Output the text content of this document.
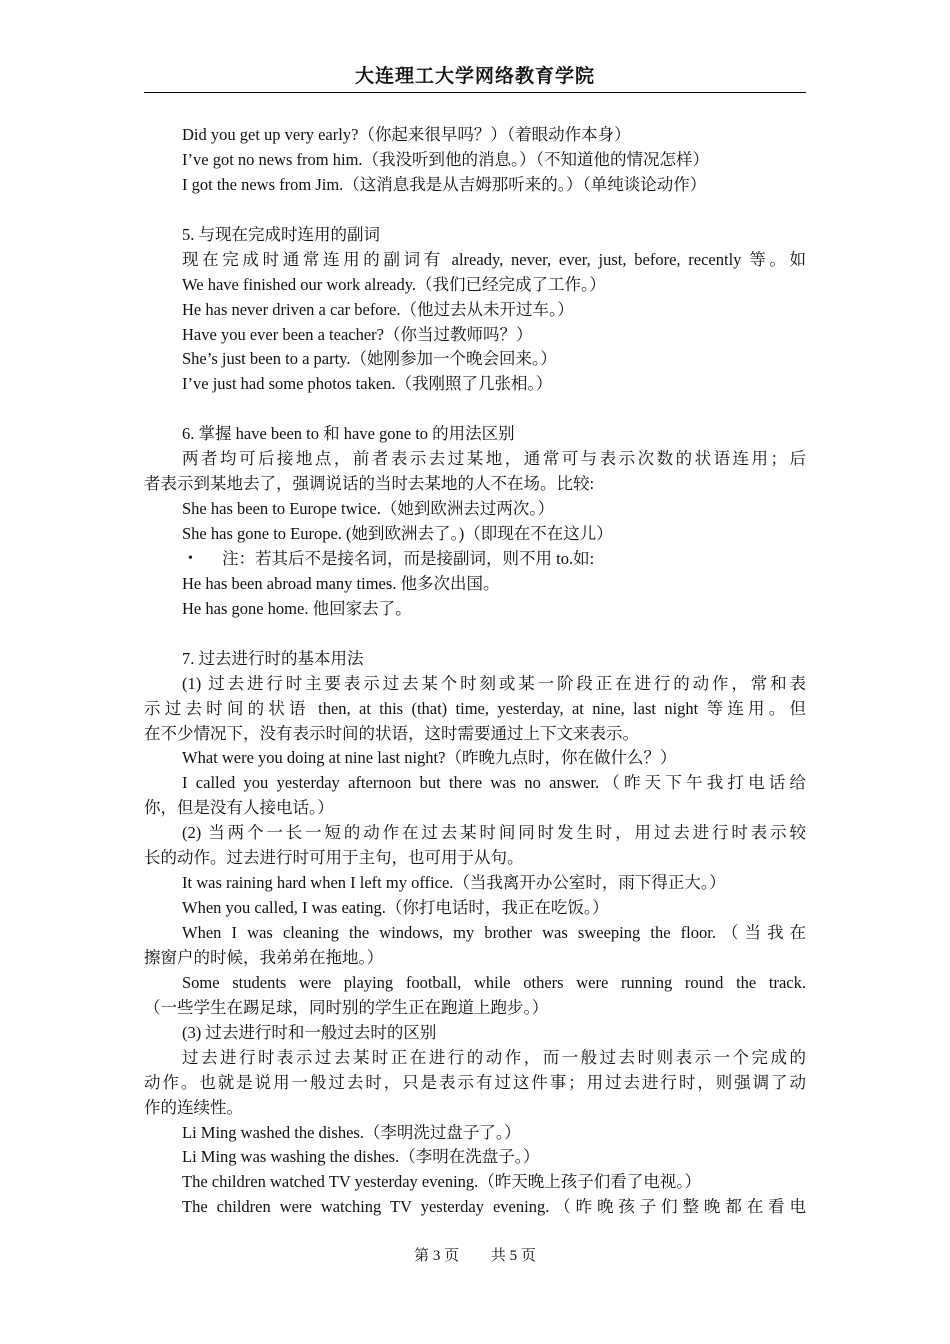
大连理工大学网络教育学院
Did you get up very early?（你起来很早吗？）（着眼动作本身）
I’ve got no news from him.（我没听到他的消息。）（不知道他的情况怎样）
I got the news from Jim.（这消息我是从吉姆那听来的。）（单纯谈论动作）
5. 与现在完成时连用的副词
现在完成时通常连用的副词有 already, never, ever, just, before, recently 等。如
We have finished our work already.（我们已经完成了工作。）
He has never driven a car before.（他过去从未开过车。）
Have you ever been a teacher?（你当过教师吗？）
She’s just been to a party.（她刚参加一个晚会回来。）
I’ve just had some photos taken.（我刚照了几张相。）
6. 掌握 have been to 和 have gone to 的用法区别
两者均可后接地点，前者表示去过某地，通常可与表示次数的状语连用；后
者表示到某地去了，强调说话的当时去某地的人不在场。比较:
She has been to Europe twice.（她到欧洲去过两次。）
She has gone to Europe. (她到欧洲去了。)（即现在不在这儿）
• 注：若其后不是接名词，而是接副词，则不用 to.如:
He has been abroad many times. 他多次出国。
He has gone home. 他回家去了。
7. 过去进行时的基本用法
(1) 过去进行时主要表示过去某个时刻或某一阶段正在进行的动作，常和表
示过去时间的状语 then, at this (that) time, yesterday, at nine, last night 等连用。但
在不少情况下，没有表示时间的状语，这时需要通过上下文来表示。
What were you doing at nine last night?（昨晚九点时，你在做什么？）
I called you yesterday afternoon but there was no answer.（昨天下午我打电话给
你，但是没有人接电话。）
(2) 当两个一长一短的动作在过去某时间同时发生时，用过去进行时表示较
长的动作。过去进行时可用于主句，也可用于从句。
It was raining hard when I left my office.（当我离开办公室时，雨下得正大。）
When you called, I was eating.（你打电话时，我正在吃饭。）
When I was cleaning the windows, my brother was sweeping the floor.（当我在
擦窗户的时候，我弟弟在拖地。）
Some students were playing football, while others were running round the track.
（一些学生在踢足球，同时别的学生正在跑道上跑步。）
(3) 过去进行时和一般过去时的区别
过去进行时表示过去某时正在进行的动作，而一般过去时则表示一个完成的
动作。也就是说用一般过去时，只是表示有过这件事；用过去进行时，则强调了动
作的连续性。
Li Ming washed the dishes.（李明洗过盘子了。）
Li Ming was washing the dishes.（李明在洗盘子。）
The children watched TV yesterday evening.（昨天晚上孩子们看了电视。）
The children were watching TV yesterday evening.（昨晚孩子们整晚都在看电
第 3 页 共 5 页
